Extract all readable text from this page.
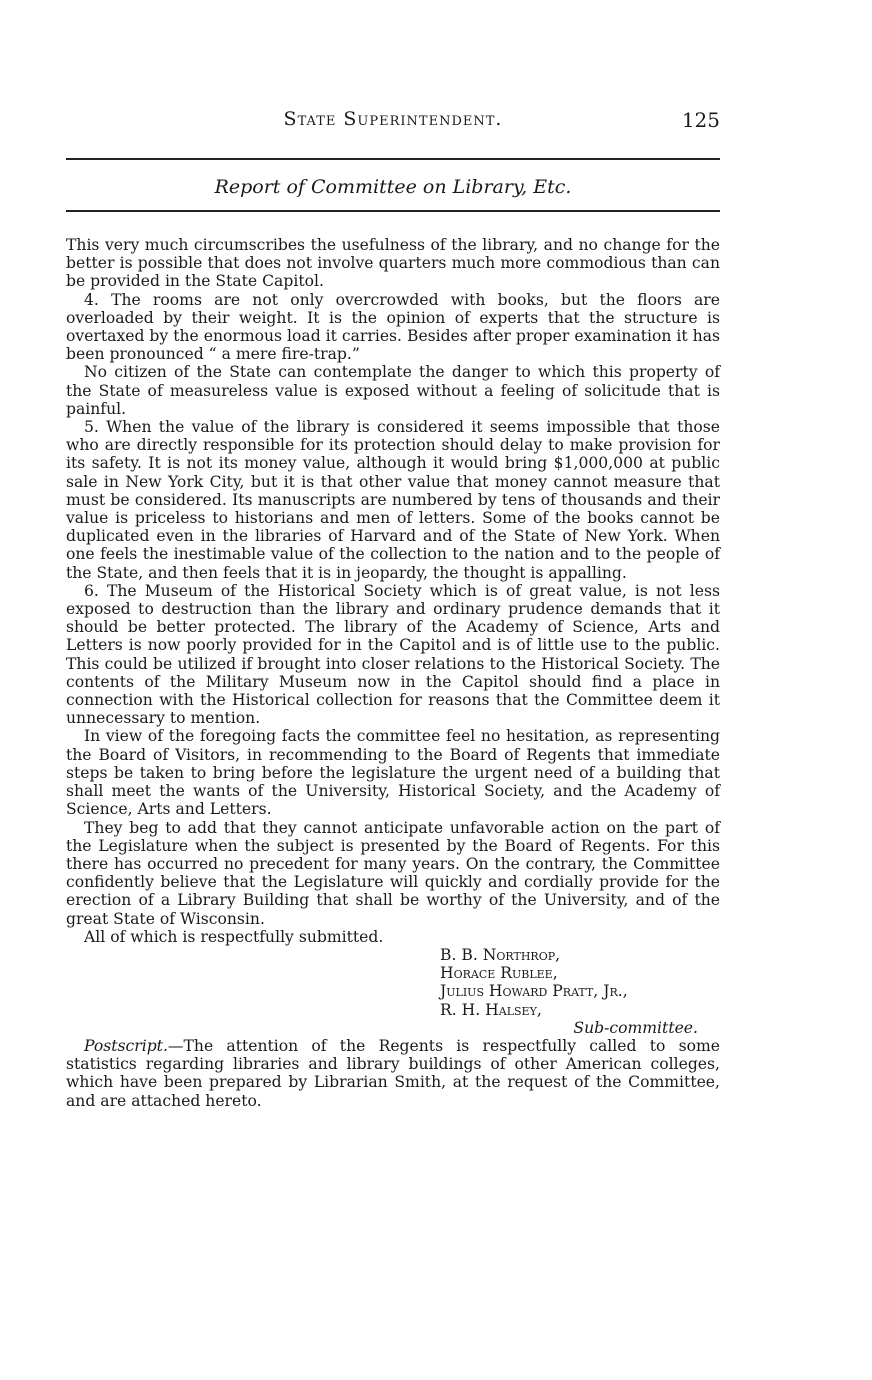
State Superintendent.	125
Report of Committee on Library, Etc.

This very much circumscribes the usefulness of the library, and no change for the better is possible that does not involve quarters much more commodious than can be provided in the State Capitol.

4. The rooms are not only overcrowded with books, but the floors are overloaded by their weight. It is the opinion of experts that the structure is overtaxed by the enormous load it carries. Besides after proper examination it has been pronounced “ a mere fire-trap.”

No citizen of the State can contemplate the danger to which this property of the State of measureless value is exposed without a feeling of solicitude that is painful.

5. When the value of the library is considered it seems impossible that those who are directly responsible for its protection should delay to make provision for its safety. It is not its money value, although it would bring $1,000,000 at public sale in New York City, but it is that other value that money cannot measure that must be considered. Its manuscripts are numbered by tens of thousands and their value is priceless to historians and men of letters. Some of the books cannot be duplicated even in the libraries of Harvard and of the State of New York. When one feels the inestimable value of the collection to the nation and to the people of the State, and then feels that it is in jeopardy, the thought is appalling.

6. The Museum of the Historical Society which is of great value, is not less exposed to destruction than the library and ordinary prudence demands that it should be better protected. The library of the Academy of Science, Arts and Letters is now poorly provided for in the Capitol and is of little use to the public. This could be utilized if brought into closer relations to the Historical Society. The contents of the Military Museum now in the Capitol should find a place in connection with the Historical collection for reasons that the Committee deem it unnecessary to mention.

In view of the foregoing facts the committee feel no hesitation, as representing the Board of Visitors, in recommending to the Board of Regents that immediate steps be taken to bring before the legislature the urgent need of a building that shall meet the wants of the University, Historical Society, and the Academy of Science, Arts and Letters.

They beg to add that they cannot anticipate unfavorable action on the part of the Legislature when the subject is presented by the Board of Regents. For this there has occurred no precedent for many years. On the contrary, the Committee confidently believe that the Legislature will quickly and cordially provide for the erection of a Library Building that shall be worthy of the University, and of the great State of Wisconsin.

All of which is respectfully submitted.

B. B. Northrop,
Horace Rublee,
Julius Howard Pratt, Jr.,
R. H. Halsey,
Sub-committee.

Postscript.—The attention of the Regents is respectfully called to some statistics regarding libraries and library buildings of other American colleges, which have been prepared by Librarian Smith, at the request of the Committee, and are attached hereto.
